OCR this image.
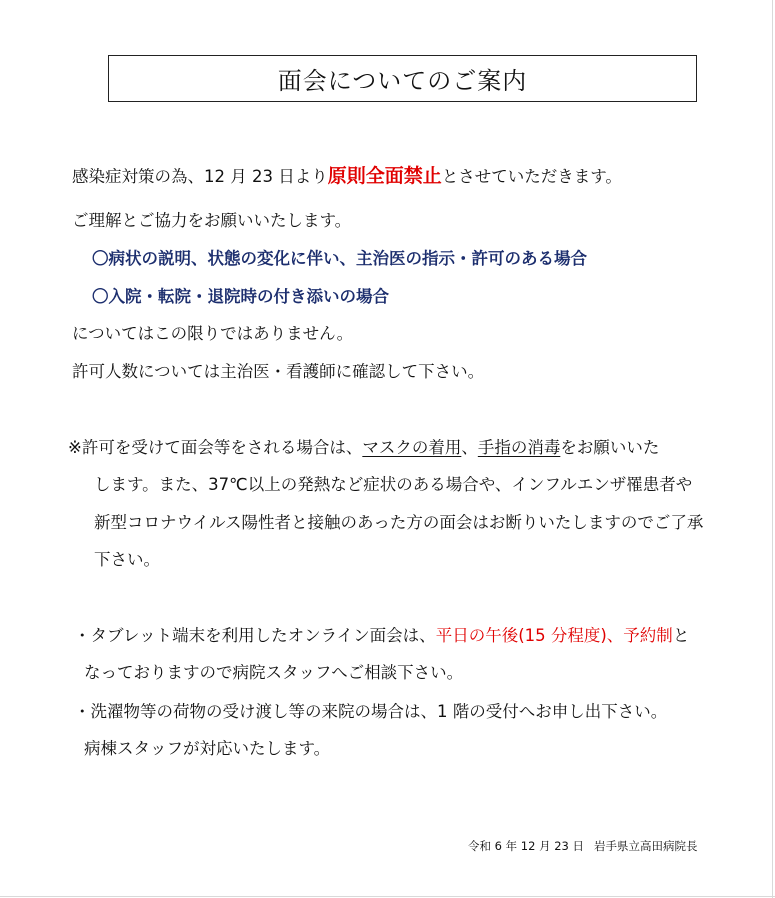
面会についてのご案内
感染症対策の為、12 月 23 日より原則全面禁止とさせていただきます。
ご理解とご協力をお願いいたします。
〇病状の説明、状態の変化に伴い、主治医の指示・許可のある場合
〇入院・転院・退院時の付き添いの場合
についてはこの限りではありません。
許可人数については主治医・看護師に確認して下さい。
※許可を受けて面会等をされる場合は、マスクの着用、手指の消毒をお願いいた
します。また、37℃以上の発熱など症状のある場合や、インフルエンザ罹患者や
新型コロナウイルス陽性者と接触のあった方の面会はお断りいたしますのでご了承
下さい。
・タブレット端末を利用したオンライン面会は、平日の午後(15 分程度)、予約制と
なっておりますので病院スタッフへご相談下さい。
・洗濯物等の荷物の受け渡し等の来院の場合は、1 階の受付へお申し出下さい。
病棟スタッフが対応いたします。
令和 6 年 12 月 23 日 岩手県立高田病院長
